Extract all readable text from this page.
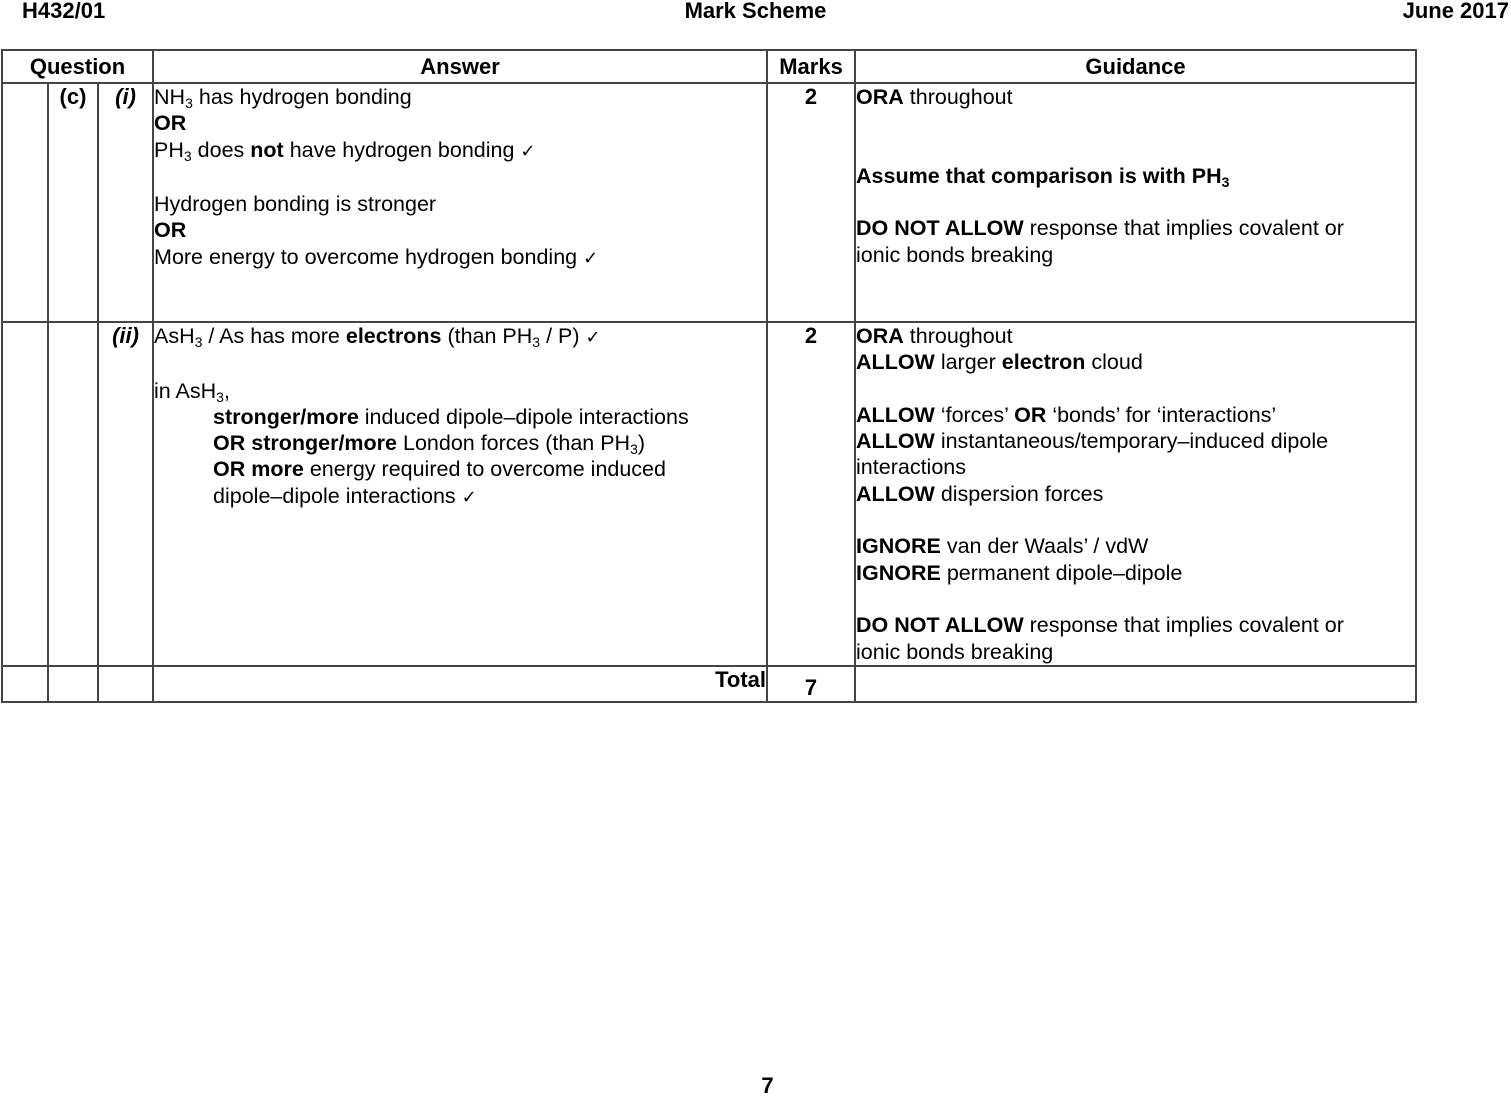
H432/01	Mark Scheme	June 2017
Question			Answer	Marks	Guidance
	(c)	(i)	$NH_3$ has hydrogen bonding
OR
$PH_3$ does not have hydrogen bonding ✓
Hydrogen bonding is stronger
OR
More energy to overcome hydrogen bonding ✓
	2	ORA throughout
Assume that comparison is with $PH_3$
DO NOT ALLOW response that implies covalent or
ionic bonds breaking

		(ii)	AsH$_3$ / As has more electrons (than $PH_3 / P$) ✓
in AsH$_3$,
stronger/more induced dipole–dipole interactions
OR stronger/more London forces (than $PH_3$)
OR more energy required to overcome induced
dipole–dipole interactions ✓
	2	ORA throughout
ALLOW larger electron cloud
ALLOW ‘forces’ OR ‘bonds’ for ‘interactions’
ALLOW instantaneous/temporary–induced dipole
interactions
ALLOW dispersion forces
IGNORE van der Waals’ / vdW
IGNORE permanent dipole–dipole
DO NOT ALLOW response that implies covalent or
ionic bonds breaking

			Total	7	
7
